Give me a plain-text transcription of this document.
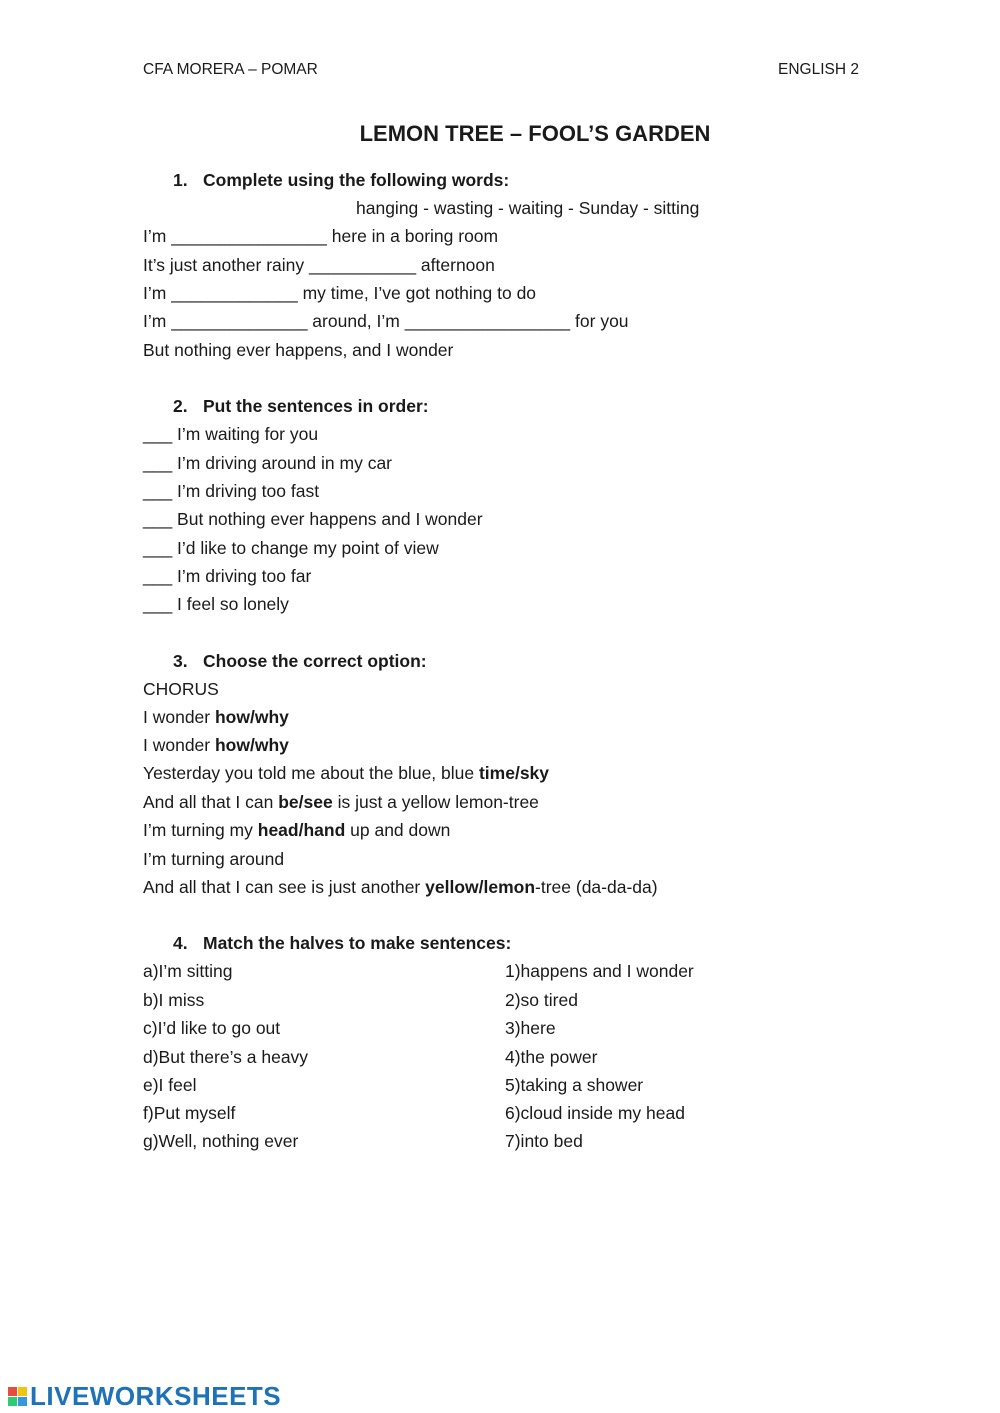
CFA MORERA – POMAR	ENGLISH 2
LEMON TREE – FOOL’S GARDEN
1. Complete using the following words:
hanging - wasting - waiting - Sunday - sitting
I’m ________________ here in a boring room
It’s just another rainy ___________ afternoon
I’m _____________ my time, I’ve got nothing to do
I’m ______________ around, I’m _________________ for you
But nothing ever happens, and I wonder
2. Put the sentences in order:
___ I’m waiting for you
___ I’m driving around in my car
___ I’m driving too fast
___ But nothing ever happens and I wonder
___ I’d like to change my point of view
___ I’m driving too far
___ I feel so lonely
3. Choose the correct option:
CHORUS
I wonder how/why
I wonder how/why
Yesterday you told me about the blue, blue time/sky
And all that I can be/see is just a yellow lemon-tree
I’m turning my head/hand up and down
I’m turning around
And all that I can see is just another yellow/lemon-tree (da-da-da)
4. Match the halves to make sentences:
a)I’m sitting
b)I miss
c)I’d like to go out
d)But there’s a heavy
e)I feel
f)Put myself
g)Well, nothing ever
1)happens and I wonder
2)so tired
3)here
4)the power
5)taking a shower
6)cloud inside my head
7)into bed
LIVEWORKSHEETS
